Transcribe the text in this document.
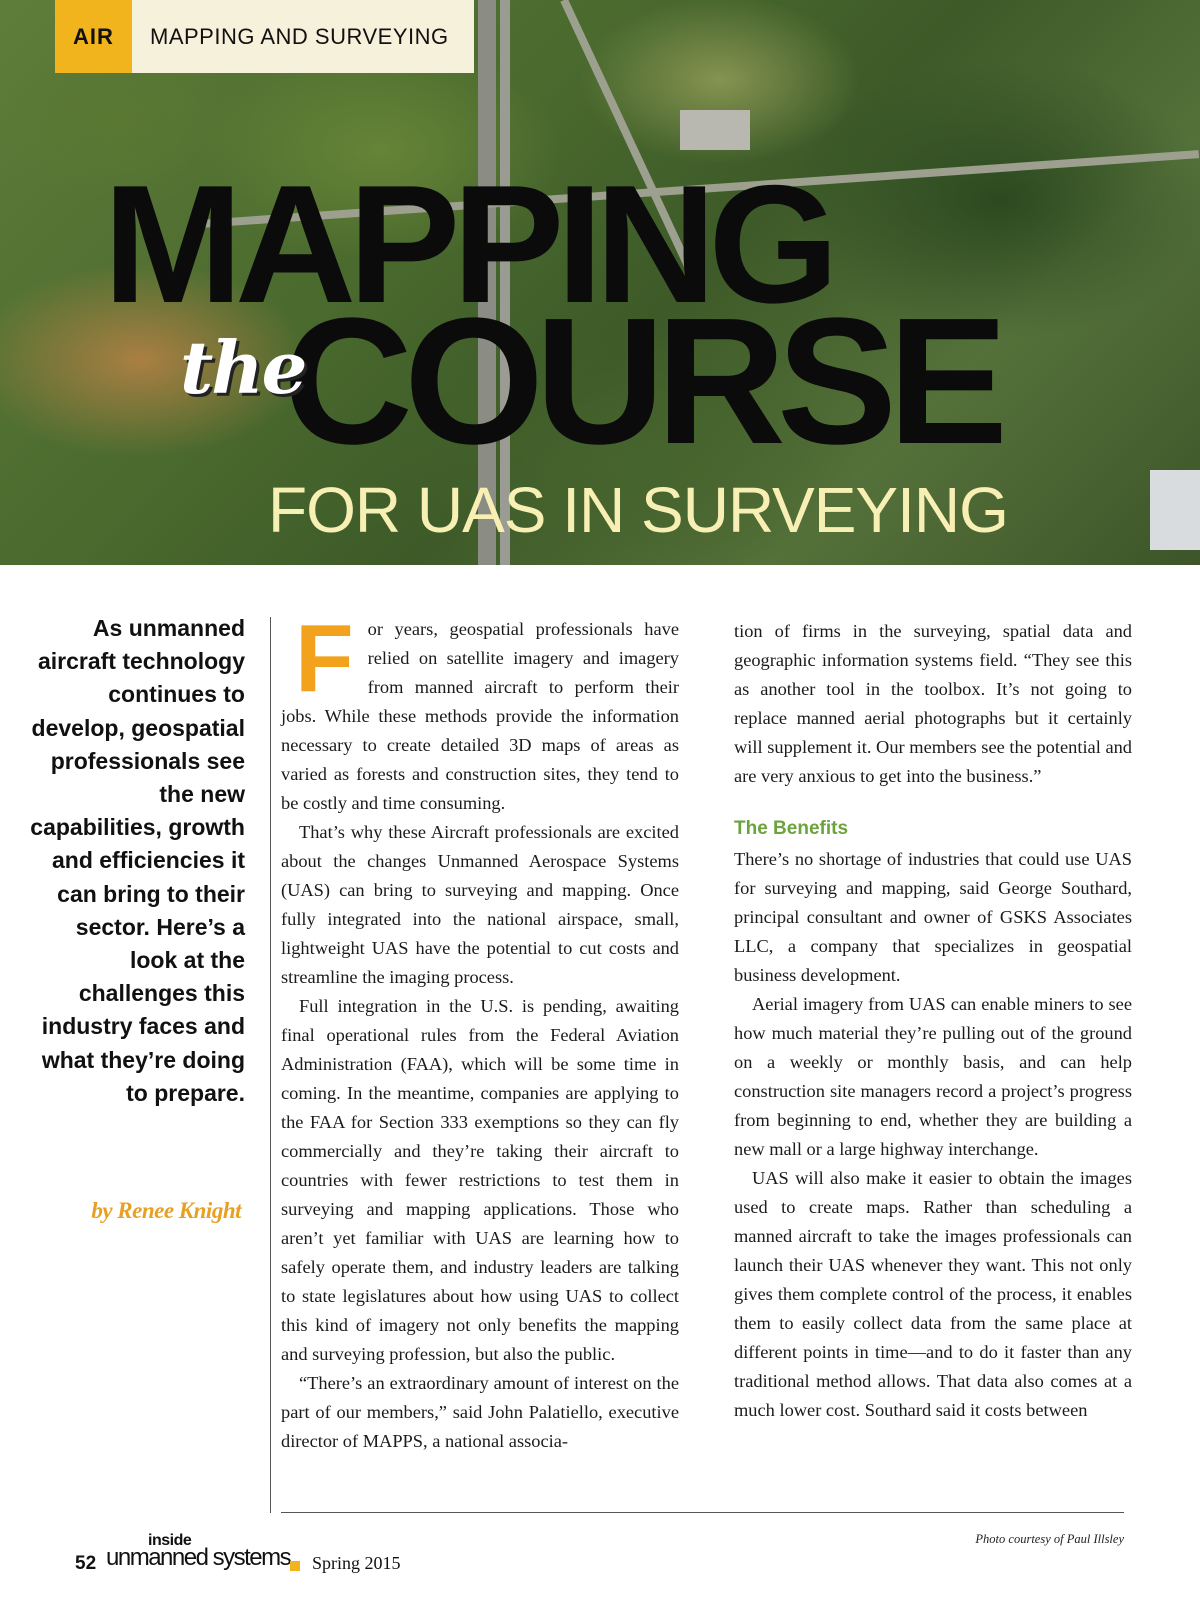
AIR	MAPPING AND SURVEYING
MAPPING
COURSE
the
FOR UAS IN SURVEYING
As unmanned aircraft technology continues to develop, geospatial professionals see the new capabilities, growth and efficiencies it can bring to their sector. Here’s a look at the challenges this industry faces and what they’re doing to prepare.
by Renee Knight

For years, geospatial professionals have relied on satellite imagery and imagery from manned aircraft to perform their jobs. While these methods provide the information necessary to create detailed 3D maps of areas as varied as forests and construction sites, they tend to be costly and time consuming.

That’s why these Aircraft professionals are excited about the changes Unmanned Aerospace Systems (UAS) can bring to surveying and mapping. Once fully integrated into the national airspace, small, lightweight UAS have the potential to cut costs and streamline the imaging process.

Full integration in the U.S. is pending, awaiting final operational rules from the Federal Aviation Administration (FAA), which will be some time in coming. In the meantime, companies are applying to the FAA for Section 333 exemptions so they can fly commercially and they’re taking their aircraft to countries with fewer restrictions to test them in surveying and mapping applications. Those who aren’t yet familiar with UAS are learning how to safely operate them, and industry leaders are talking to state legislatures about how using UAS to collect this kind of imagery not only benefits the mapping and surveying profession, but also the public.

“There’s an extraordinary amount of interest on the part of our members,” said John Palatiello, executive director of MAPPS, a national associa-

tion of firms in the surveying, spatial data and geographic information systems field. “They see this as another tool in the toolbox. It’s not going to replace manned aerial photographs but it certainly will supplement it. Our members see the potential and are very anxious to get into the business.”

The Benefits

There’s no shortage of industries that could use UAS for surveying and mapping, said George Southard, principal consultant and owner of GSKS Associates LLC, a company that specializes in geospatial business development.

Aerial imagery from UAS can enable miners to see how much material they’re pulling out of the ground on a weekly or monthly basis, and can help construction site managers record a project’s progress from beginning to end, whether they are building a new mall or a large highway interchange.

UAS will also make it easier to obtain the images used to create maps. Rather than scheduling a manned aircraft to take the images professionals can launch their UAS whenever they want. This not only gives them complete control of the process, it enables them to easily collect data from the same place at different points in time—and to do it faster than any traditional method allows. That data also comes at a much lower cost. Southard said it costs between

Photo courtesy of Paul Illsley
52
inside
unmanned systems Spring 2015
